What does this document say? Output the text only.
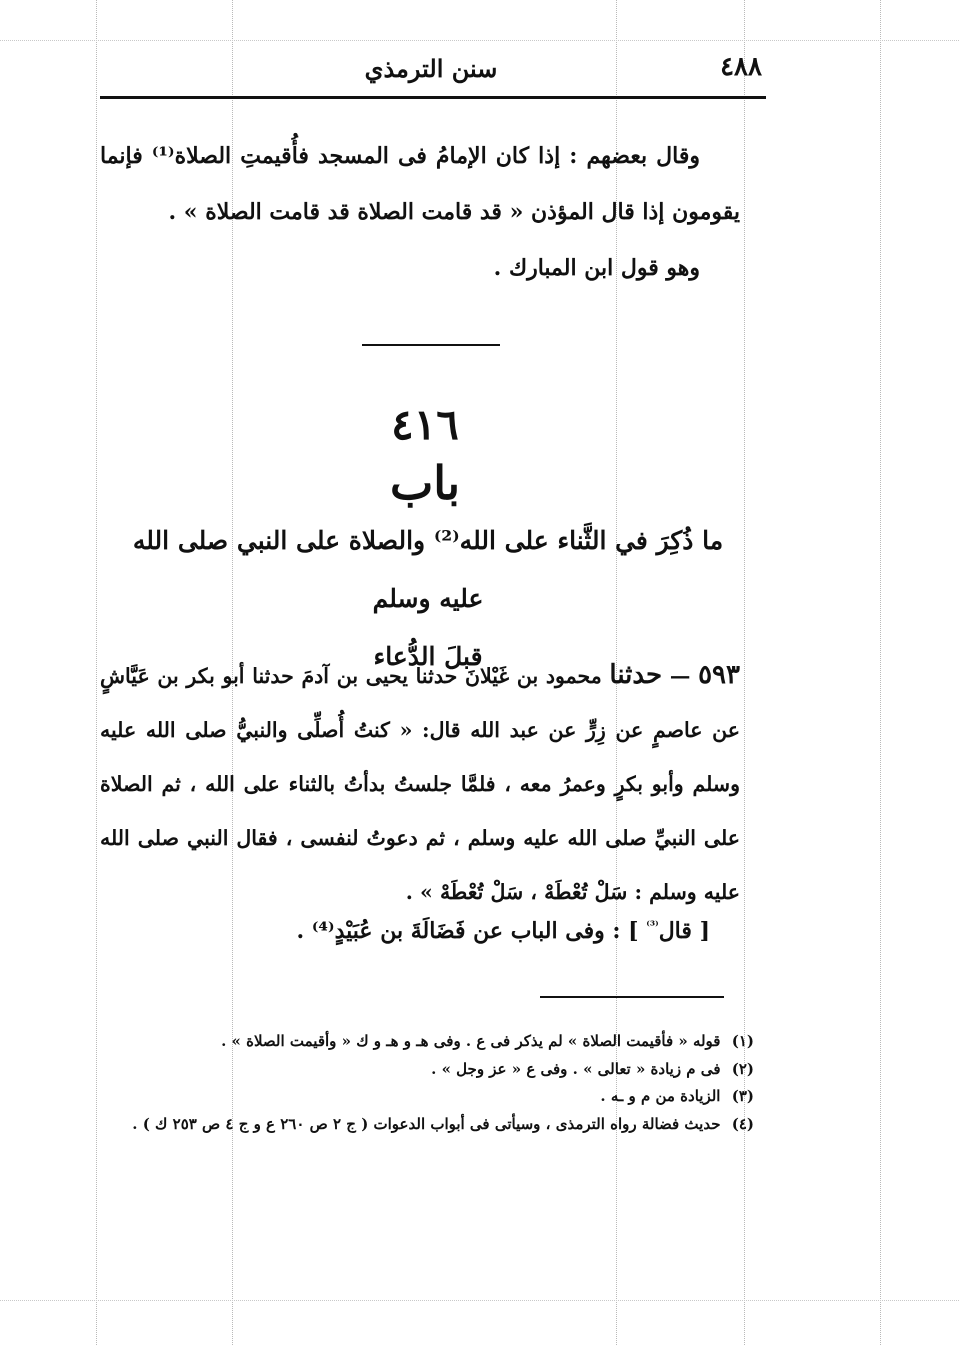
٤٨٨
سنن الترمذي

وقال بعضهم : إذا كان الإمامُ فى المسجد فأُقيمتِ الصلاة⁽¹⁾ فإنما يقومون إذا قال المؤذن « قد قامت الصلاة قد قامت الصلاة » .

وهو قول ابن المبارك .

٤١٦
باب
ما ذُكِرَ في الثَّناء على الله⁽²⁾ والصلاة على النبي صلى الله عليه وسلم
قبلَ الدُّعاء
٥٩٣ — حدثنا محمود بن غَيْلانَ حدثنا يحيى بن آدمَ حدثنا أبو بكر بن عَيَّاشٍ عن عاصمٍ عن زِرٍّ عن عبد الله قال: « كنتُ أُصلِّى والنبيُّ صلى الله عليه وسلم وأبو بكرٍ وعمرُ معه ، فلمَّا جلستُ بدأتُ بالثناء على الله ، ثم الصلاة على النبيِّ صلى الله عليه وسلم ، ثم دعوتُ لنفسى ، فقال النبي صلى الله عليه وسلم : سَلْ تُعْطَهْ ، سَلْ تُعْطَهْ » .
[ قال$^{^{(3)}}$ ] : وفى الباب عن فَضَالَةَ بن عُبَيْدٍ⁽⁴⁾ .

(١) قوله « فأقيمت الصلاة » لم يذكر فى ع . وفى هـ و هـ و ك « وأقيمت الصلاة » .

(٢) فى م زيادة « تعالى » . وفى ع « عز وجل » .

(٣) الزيادة من م و ـه .

(٤) حديث فضالة رواه الترمذى ، وسيأتى فى أبواب الدعوات ( ج ٢ ص ٢٦٠ ع و ج ٤ ص ٢٥٣ ك ) .
